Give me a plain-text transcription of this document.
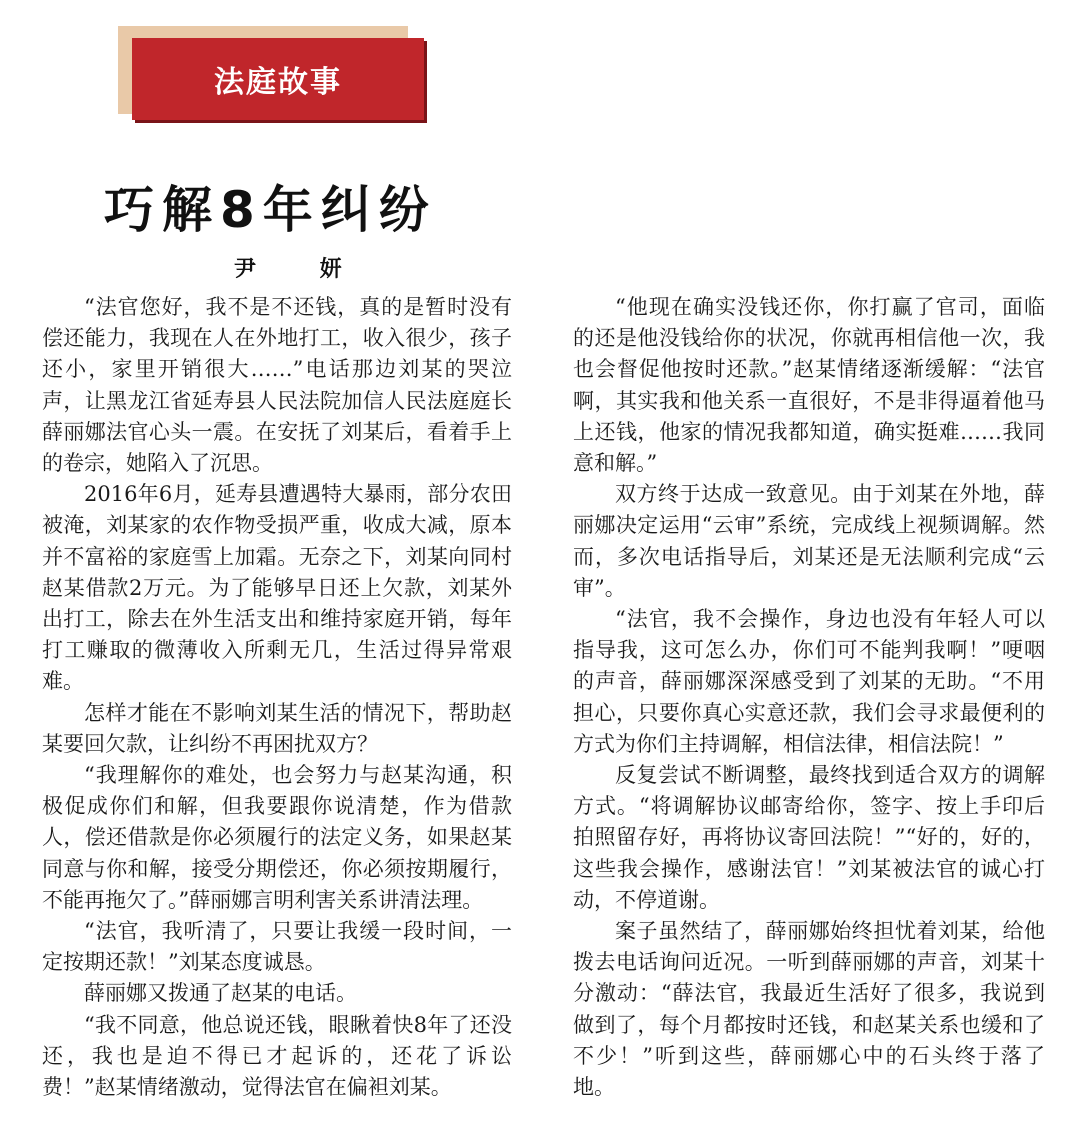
法庭故事
巧解8年纠纷
尹 妍

“法官您好，我不是不还钱，真的是暂时没有偿还能力，我现在人在外地打工，收入很少，孩子还小，家里开销很大……”电话那边刘某的哭泣声，让黑龙江省延寿县人民法院加信人民法庭庭长薛丽娜法官心头一震。在安抚了刘某后，看着手上的卷宗，她陷入了沉思。

2016年6月，延寿县遭遇特大暴雨，部分农田被淹，刘某家的农作物受损严重，收成大减，原本并不富裕的家庭雪上加霜。无奈之下，刘某向同村赵某借款2万元。为了能够早日还上欠款，刘某外出打工，除去在外生活支出和维持家庭开销，每年打工赚取的微薄收入所剩无几，生活过得异常艰难。

怎样才能在不影响刘某生活的情况下，帮助赵某要回欠款，让纠纷不再困扰双方？

“我理解你的难处，也会努力与赵某沟通，积极促成你们和解，但我要跟你说清楚，作为借款人，偿还借款是你必须履行的法定义务，如果赵某同意与你和解，接受分期偿还，你必须按期履行，不能再拖欠了。”薛丽娜言明利害关系讲清法理。

“法官，我听清了，只要让我缓一段时间，一定按期还款！”刘某态度诚恳。

薛丽娜又拨通了赵某的电话。

“我不同意，他总说还钱，眼瞅着快8年了还没还，我也是迫不得已才起诉的，还花了诉讼费！”赵某情绪激动，觉得法官在偏袒刘某。

“他现在确实没钱还你，你打赢了官司，面临的还是他没钱给你的状况，你就再相信他一次，我也会督促他按时还款。”赵某情绪逐渐缓解：“法官啊，其实我和他关系一直很好，不是非得逼着他马上还钱，他家的情况我都知道，确实挺难……我同意和解。”

双方终于达成一致意见。由于刘某在外地，薛丽娜决定运用“云审”系统，完成线上视频调解。然而，多次电话指导后，刘某还是无法顺利完成“云审”。

“法官，我不会操作，身边也没有年轻人可以指导我，这可怎么办，你们可不能判我啊！”哽咽的声音，薛丽娜深深感受到了刘某的无助。“不用担心，只要你真心实意还款，我们会寻求最便利的方式为你们主持调解，相信法律，相信法院！”

反复尝试不断调整，最终找到适合双方的调解方式。“将调解协议邮寄给你，签字、按上手印后拍照留存好，再将协议寄回法院！”“好的，好的，这些我会操作，感谢法官！”刘某被法官的诚心打动，不停道谢。

案子虽然结了，薛丽娜始终担忧着刘某，给他拨去电话询问近况。一听到薛丽娜的声音，刘某十分激动：“薛法官，我最近生活好了很多，我说到做到了，每个月都按时还钱，和赵某关系也缓和了不少！”听到这些，薛丽娜心中的石头终于落了地。
